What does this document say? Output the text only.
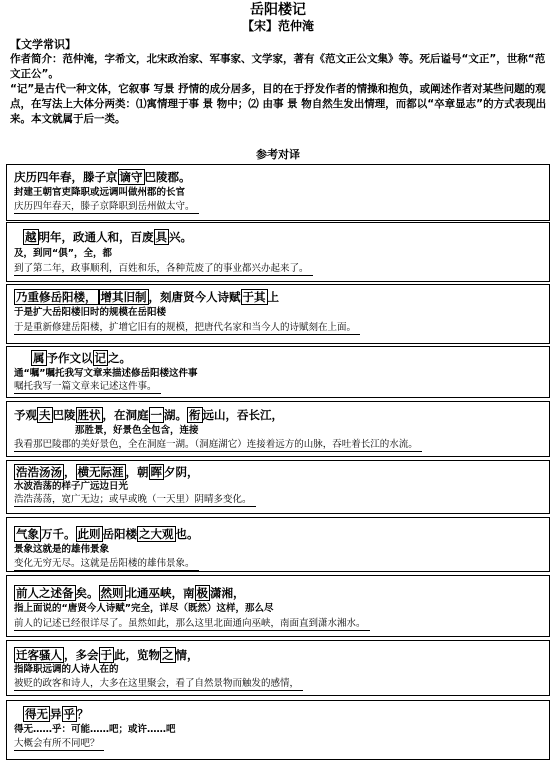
岳阳楼记
【宋】范仲淹
【文学常识】
作者简介：范仲淹，字希文，北宋政治家、军事家、文学家，著有《范文正公文集》等。死后谥号“文正”，世称“范文正公”。
“记”是古代一种文体，它叙事 写景 抒情的成分居多，目的在于抒发作者的情操和抱负，或阐述作者对某些问题的观点，在写法上大体分两类：⑴寓情理于事 景 物中；⑵ 由事 景 物自然生发出情理，而都以“卒章显志”的方式表现出来。本文就属于后一类。
参考对译
庆历四年春，滕子京 谪守 巴陵郡。
封建王朝官吏降职或远调叫做州郡的长官
庆历四年春天，滕子京降职到岳州做太守。
越 明年，政通人和，百废 具 兴。
及，到同“俱”，全，都
到了第二年，政事顺利，百姓和乐，各种荒废了的事业都兴办起来了。
乃重修岳阳楼， 增其旧制 ，刻唐贤今人诗赋 于其 上
于是扩大岳阳楼旧时的规模在岳阳楼
于是重新修建岳阳楼，扩增它旧有的规模，把唐代名家和当今人的诗赋刻在上面。
属 予作文以 记 之。
通“嘱”嘱托我写文章来描述修岳阳楼这件事
嘱托我写一篇文章来记述这件事。
予观 夫 巴陵 胜状 ，在洞庭 一 湖。 衔 远山，吞长江，
那胜景，好景色全包含，连接
我看那巴陵郡的美好景色，全在洞庭一湖。（洞庭湖它）连接着远方的山脉，吞吐着长江的水流。
浩浩汤汤 ， 横无际涯 ，朝 晖 夕阴，
水波浩荡的样子广远边日光
浩浩荡荡，宽广无边；或早或晚（一天里）阴晴多变化。
气象 万千。 此则 岳阳楼 之大观 也。
景象这就是的雄伟景象
变化无穷无尽。这就是岳阳楼的雄伟景象。
前人之述备 矣。 然则 北通巫峡，南 极 潇湘，
指上面说的“唐贤今人诗赋”完全，详尽（既然）这样，那么尽
前人的记述已经很详尽了。虽然如此，那么这里北面通向巫峡，南面直到潇水湘水。
迁客骚人 ，多会 于 此，览物 之 情，
指降职远调的人诗人在的
被贬的政客和诗人，大多在这里聚会，看了自然景物而触发的感情，
得无 异 乎 ？
得无……乎：可能……吧；或许……吧
大概会有所不同吧？
